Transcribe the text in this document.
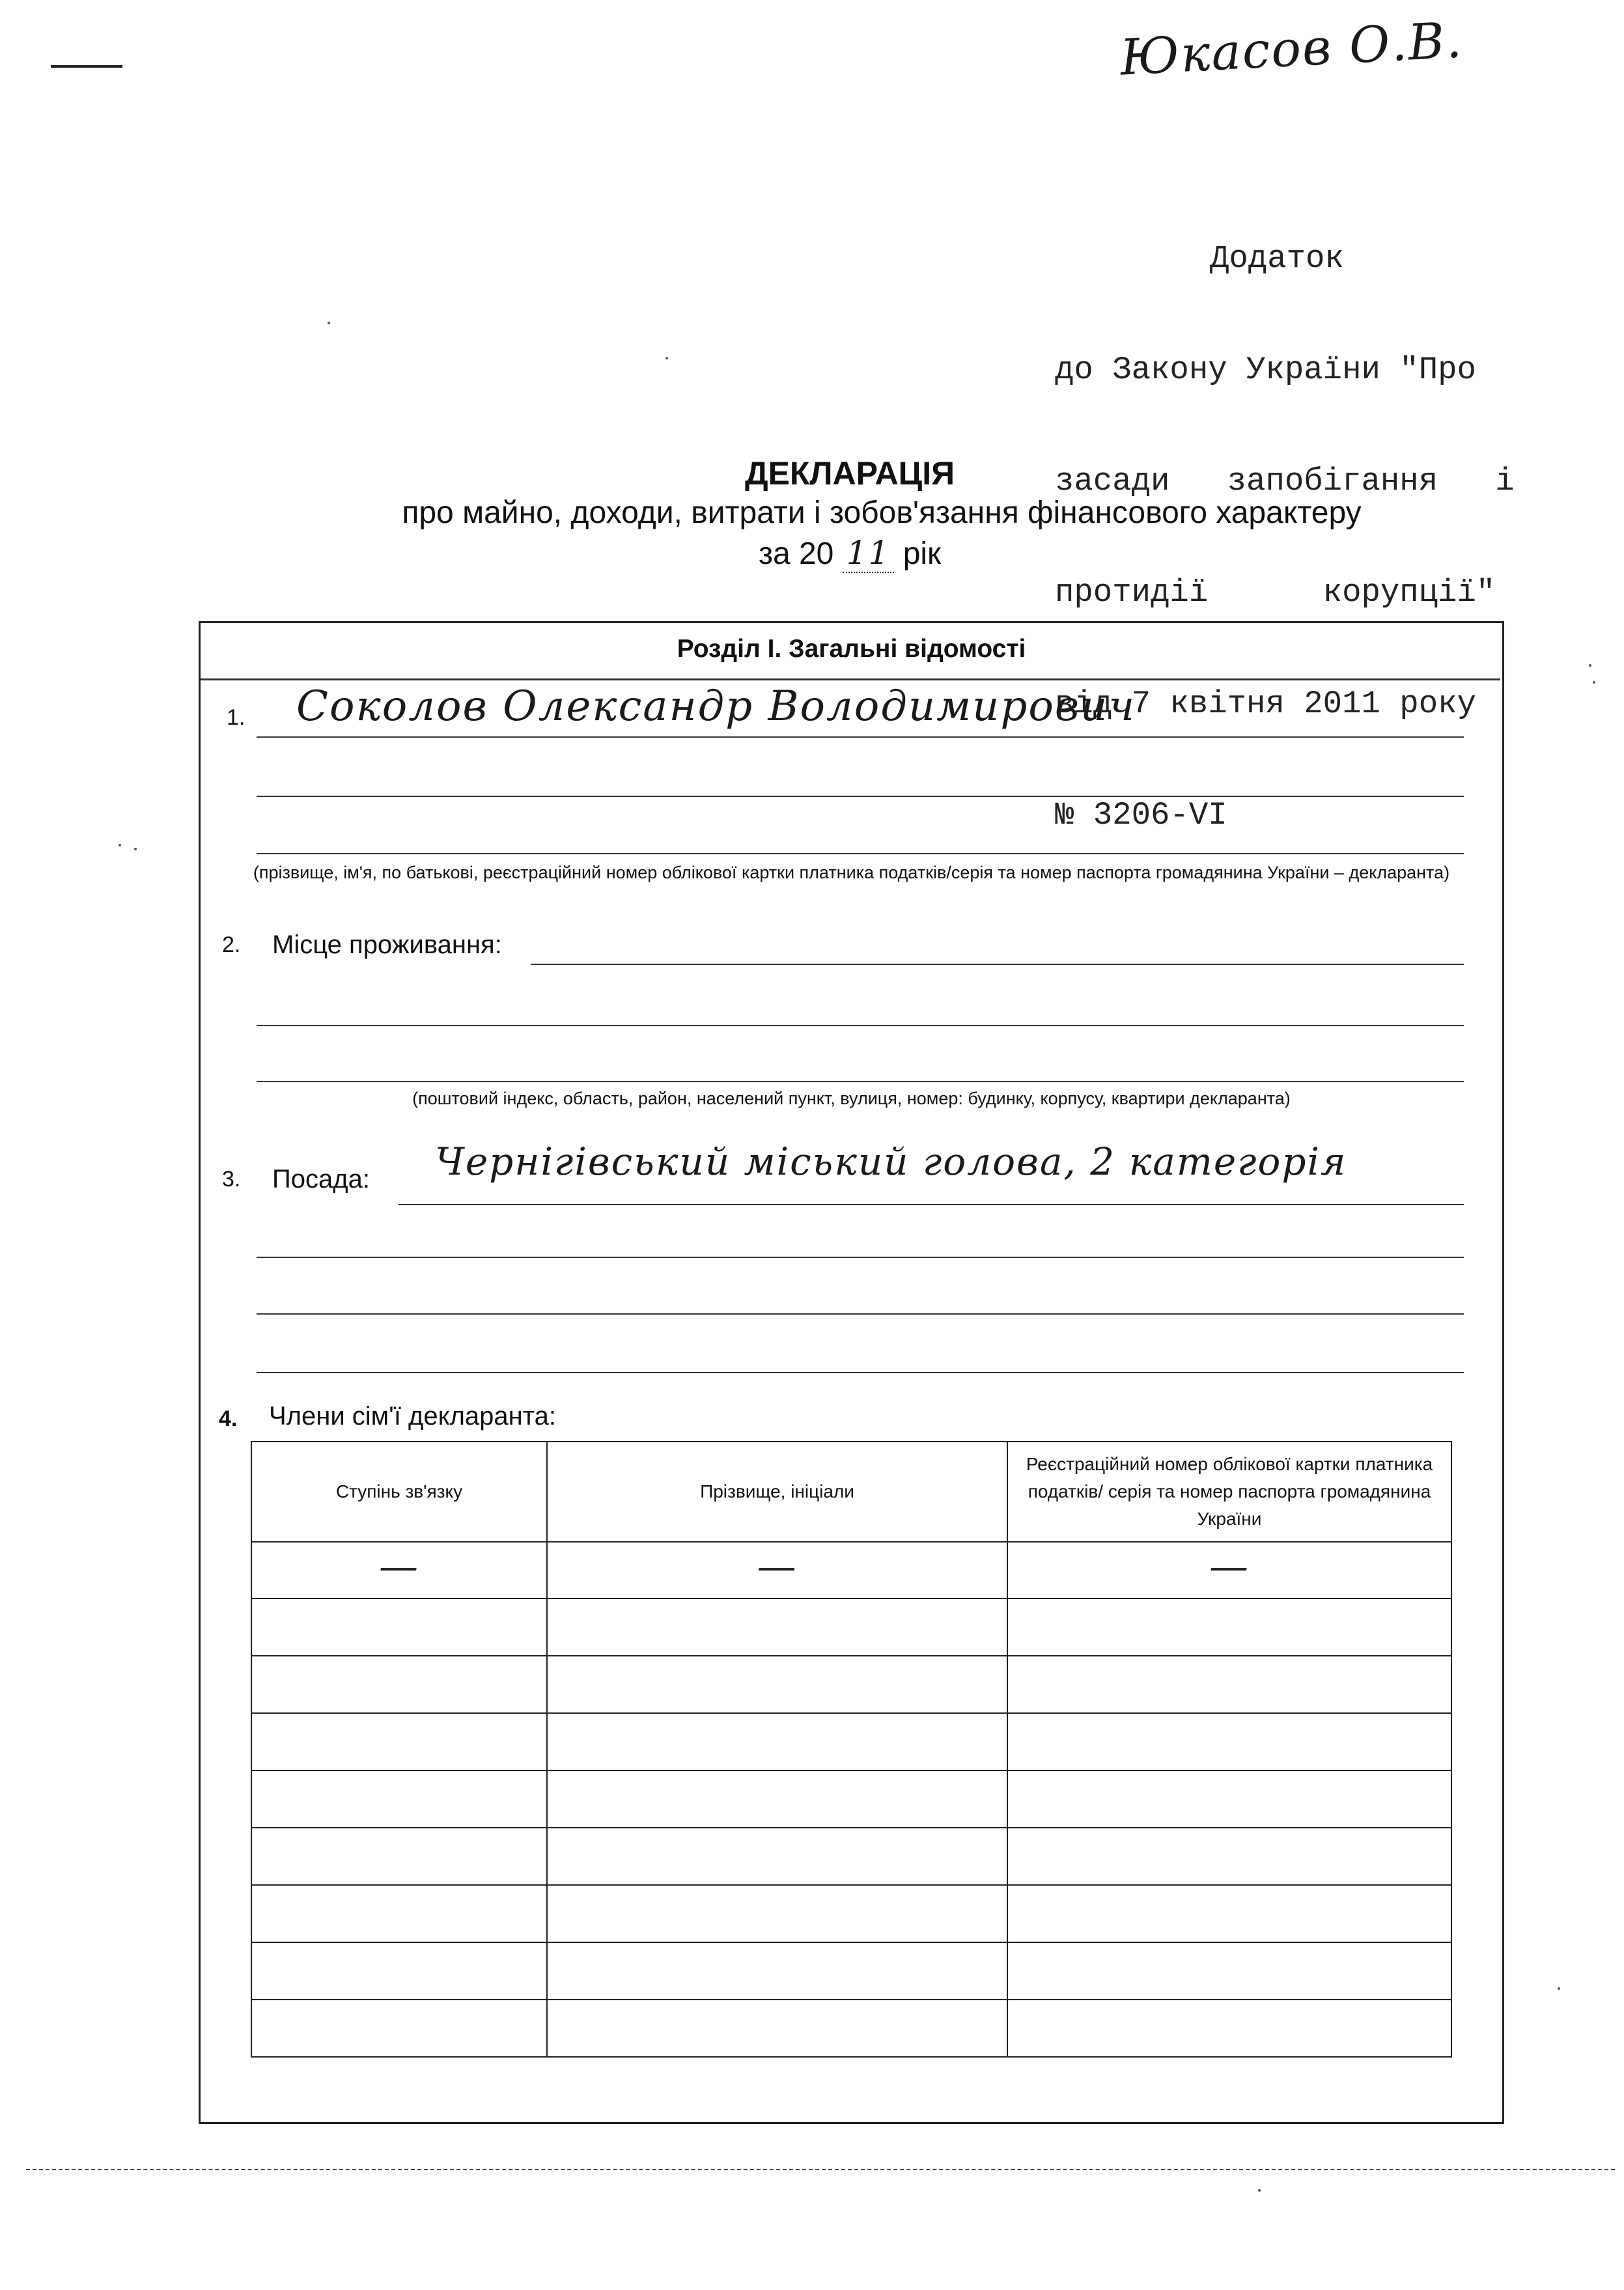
Юкасов О.В.

Додаток

до Закону України "Про

засади   запобігання   і

протидії      корупції"

від 7 квітня 2011 року

№ 3206-VI

ДЕКЛАРАЦІЯ
про майно, доходи, витрати і зобов'язання фінансового характеру
за 20 11 рік
Розділ І. Загальні відомості
1. Соколов Олександр Володимирович
(прізвище, ім'я, по батькові, реєстраційний номер облікової картки платника податків/серія та номер паспорта громадянина України – декларанта)
2. Місце проживання:
(поштовий індекс, область, район, населений пункт, вулиця, номер: будинку, корпусу, квартири декларанта)
3. Посада: Чернігівський міський голова, 2 категорія
4. Члени сім'ї декларанта:
Ступінь зв'язку	Прізвище, ініціали	Реєстраційний номер облікової картки платника податків/ серія та номер паспорта громадянина України
—	—	—
